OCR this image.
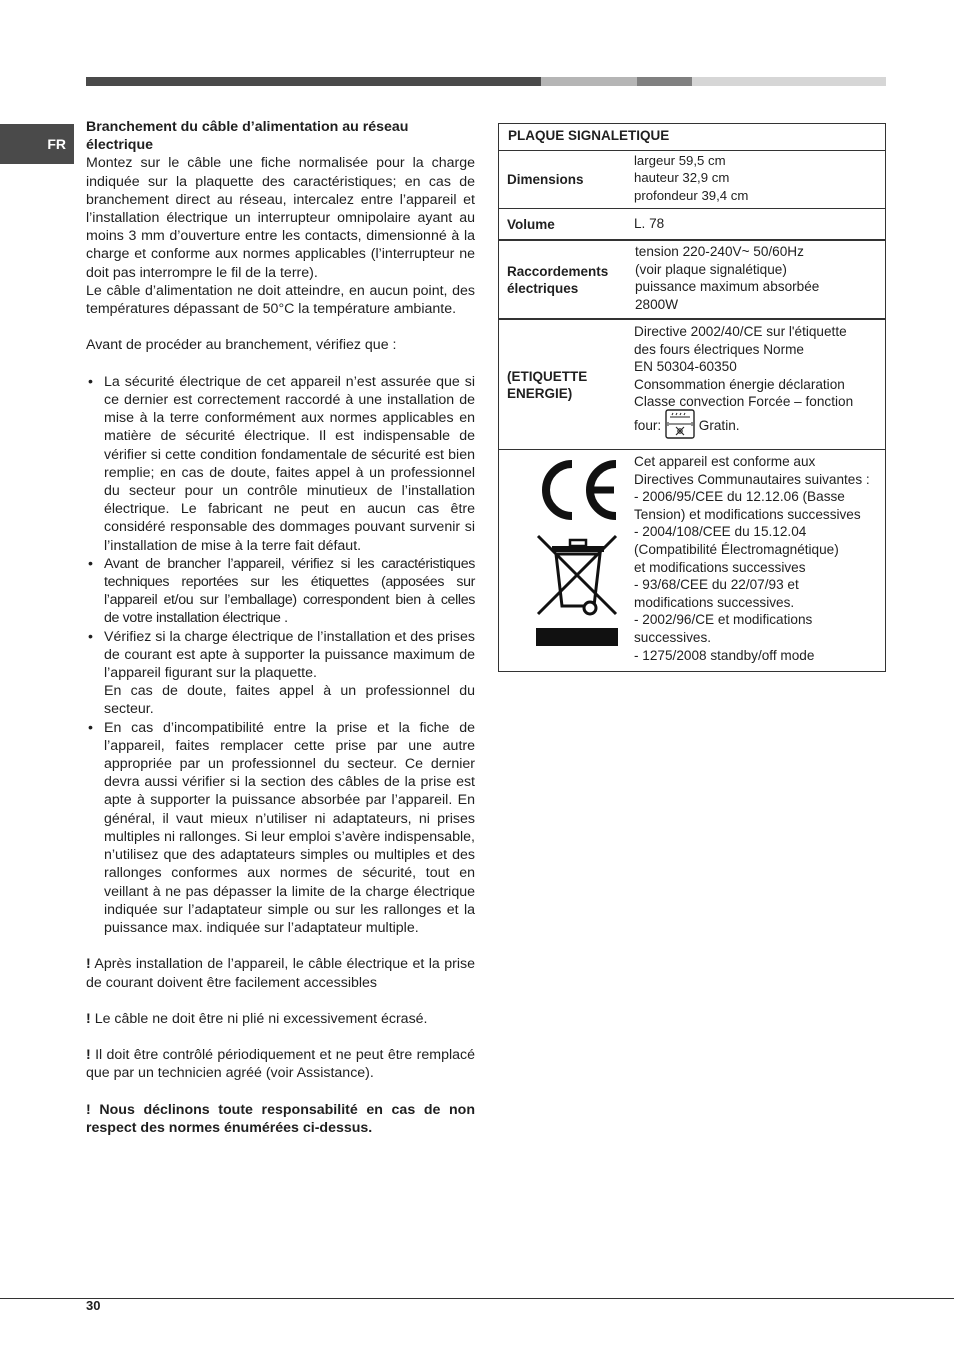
FR

Branchement du câble d’alimentation au réseau électrique

Montez sur le câble une fiche normalisée pour la charge indiquée sur la plaquette des caractéristiques; en cas de branchement direct au réseau, intercalez entre l’appareil et l’installation électrique un interrupteur omnipolaire ayant au moins 3 mm d’ouverture entre les contacts, dimensionné à la charge et conforme aux normes applicables (l’interrupteur ne doit pas interrompre le fil de la terre).

Le câble d’alimentation ne doit atteindre, en aucun point, des températures dépassant de 50°C la température ambiante.

Avant de procéder au branchement, vérifiez que :

• La sécurité électrique de cet appareil n’est assurée que si ce dernier est correctement raccordé à une installation de mise à la terre conformément aux normes applicables en matière de sécurité électrique. Il est indispensable de vérifier si cette condition fondamentale de sécurité est bien remplie; en cas de doute, faites appel à un professionnel du secteur pour un contrôle minutieux de l’installation électrique. Le fabricant ne peut en aucun cas être considéré responsable des dommages pouvant survenir si l’installation de mise à la terre fait défaut.
• Avant de brancher l’appareil, vérifiez si les caractéristiques techniques reportées sur les étiquettes (apposées sur l’appareil et/ou sur l’emballage) correspondent bien à celles de votre installation électrique .
• Vérifiez si la charge électrique de l’installation et des prises de courant est apte à supporter la puissance maximum de l’appareil figurant sur la plaquette.
En cas de doute, faites appel à un professionnel du secteur.
• En cas d’incompatibilité entre la prise et la fiche de l’appareil, faites remplacer cette prise par une autre appropriée par un professionnel du secteur. Ce dernier devra aussi vérifier si la section des câbles de la prise est apte à supporter la puissance absorbée par l’appareil. En général, il vaut mieux n’utiliser ni adaptateurs, ni prises multiples ni rallonges. Si leur emploi s’avère indispensable, n’utilisez que des adaptateurs simples ou multiples et des rallonges conformes aux normes de sécurité, tout en veillant à ne pas dépasser la limite de la charge électrique indiquée sur l’adaptateur simple ou sur les rallonges et la puissance max. indiquée sur l’adaptateur multiple.

! Après installation de l’appareil, le câble électrique et la prise de courant doivent être facilement accessibles

! Le câble ne doit être ni plié ni excessivement écrasé.

! Il doit être contrôlé périodiquement et ne peut être remplacé que par un technicien agréé (voir Assistance).

! Nous déclinons toute responsabilité en cas de non respect des normes énumérées ci-dessus.

PLAQUE SIGNALETIQUE
Dimensions
largeur 59,5 cm
hauteur 32,9 cm
profondeur 39,4 cm
Volume	L. 78
Raccordements
électriques
tension 220-240V~ 50/60Hz
(voir plaque signalétique)
puissance maximum absorbée
2800W
(ETIQUETTE
ENERGIE)
Directive 2002/40/CE sur l'étiquette
des fours électriques Norme
EN 50304-60350
Consommation énergie déclaration
Classe convection Forcée – fonction
four:	Gratin.
Cet appareil est conforme aux
Directives Communautaires suivantes :
- 2006/95/CEE du 12.12.06 (Basse
Tension) et modifications successives
- 2004/108/CEE du 15.12.04
(Compatibilité Électromagnétique)
et modifications successives
- 93/68/CEE du 22/07/93 et
modifications successives.
- 2002/96/CE et modifications
successives.
- 1275/2008 standby/off mode
30
